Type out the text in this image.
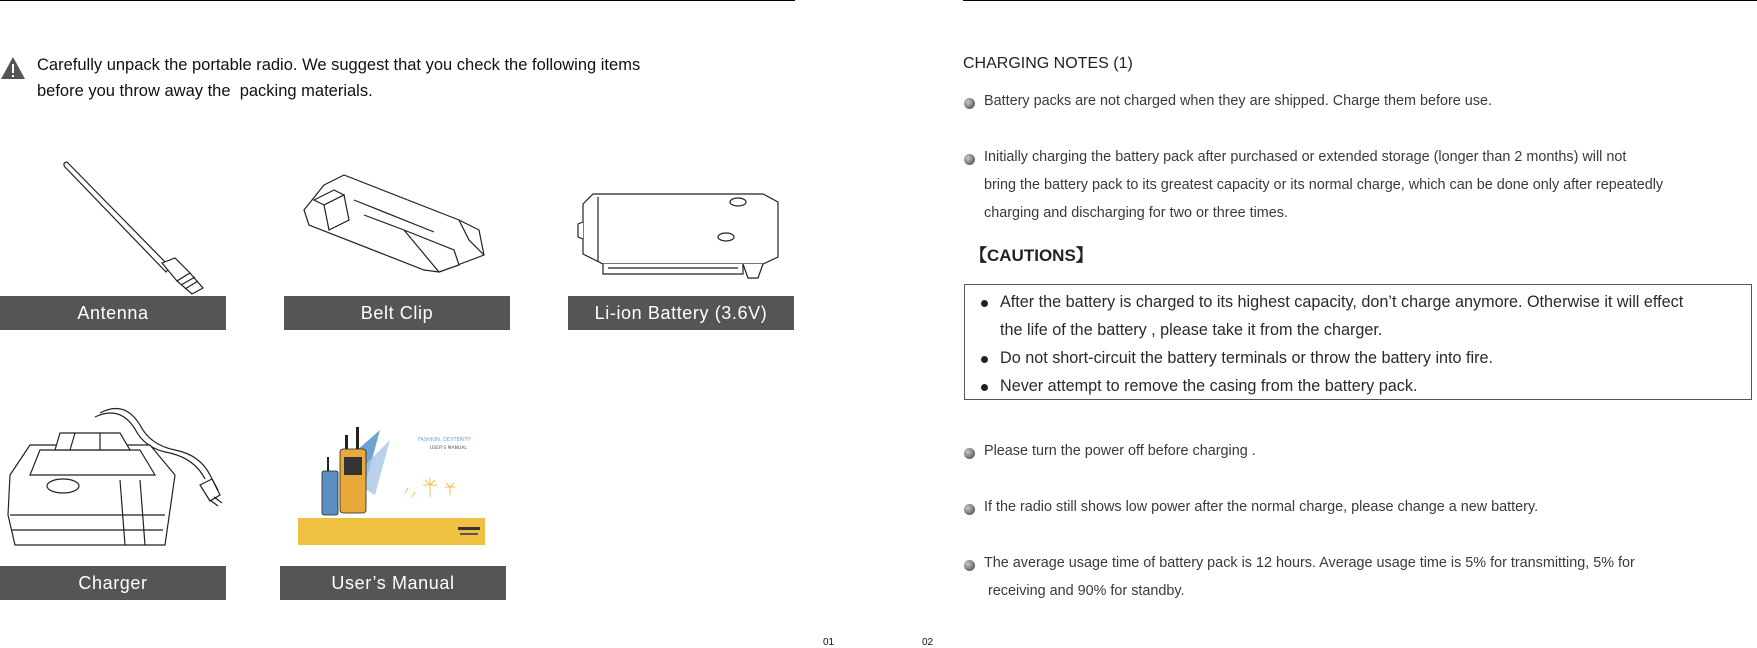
Carefully unpack the portable radio. We suggest that you check the following items
before you throw away the  packing materials.
Antenna	Belt Clip	Li-ion Battery (3.6V)
Charger
FASHION. DEXTERITY
USER'S MANUAL
User’s Manual
01
CHARGING NOTES (1)
Battery packs are not charged when they are shipped. Charge them before use.
Initially charging the battery pack after purchased or extended storage (longer than 2 months) will not
bring the battery pack to its greatest capacity or its normal charge, which can be done only after repeatedly
charging and discharging for two or three times.
【CAUTIONS】
After the battery is charged to its highest capacity, don’t charge anymore. Otherwise it will effect
the life of the battery , please take it from the charger.
Do not short-circuit the battery terminals or throw the battery into fire.
Never attempt to remove the casing from the battery pack.
Please turn the power off before charging .
If the radio still shows low power after the normal charge, please change a new battery.
The average usage time of battery pack is 12 hours. Average usage time is 5% for transmitting, 5% for
receiving and 90% for standby.
02
